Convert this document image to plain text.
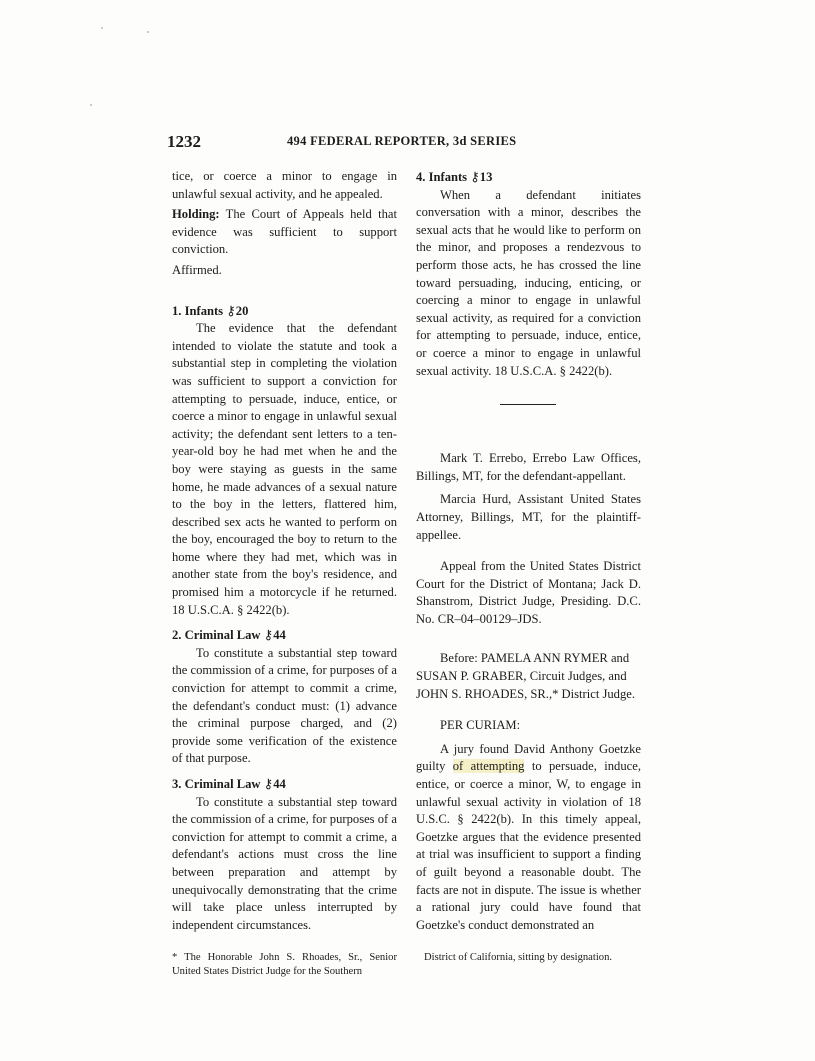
1232	494 FEDERAL REPORTER, 3d SERIES

tice, or coerce a minor to engage in unlawful sexual activity, and he appealed.

Holding: The Court of Appeals held that evidence was sufficient to support conviction.

Affirmed.

1. Infants ⚷20

The evidence that the defendant intended to violate the statute and took a substantial step in completing the violation was sufficient to support a conviction for attempting to persuade, induce, entice, or coerce a minor to engage in unlawful sexual activity; the defendant sent letters to a ten-year-old boy he had met when he and the boy were staying as guests in the same home, he made advances of a sexual nature to the boy in the letters, flattered him, described sex acts he wanted to perform on the boy, encouraged the boy to return to the home where they had met, which was in another state from the boy's residence, and promised him a motorcycle if he returned. 18 U.S.C.A. § 2422(b).

2. Criminal Law ⚷44

To constitute a substantial step toward the commission of a crime, for purposes of a conviction for attempt to commit a crime, the defendant's conduct must: (1) advance the criminal purpose charged, and (2) provide some verification of the existence of that purpose.

3. Criminal Law ⚷44

To constitute a substantial step toward the commission of a crime, for purposes of a conviction for attempt to commit a crime, a defendant's actions must cross the line between preparation and attempt by unequivocally demonstrating that the crime will take place unless interrupted by independent circumstances.

* The Honorable John S. Rhoades, Sr., Senior United States District Judge for the Southern

4. Infants ⚷13

When a defendant initiates conversation with a minor, describes the sexual acts that he would like to perform on the minor, and proposes a rendezvous to perform those acts, he has crossed the line toward persuading, inducing, enticing, or coercing a minor to engage in unlawful sexual activity, as required for a conviction for attempting to persuade, induce, entice, or coerce a minor to engage in unlawful sexual activity. 18 U.S.C.A. § 2422(b).

Mark T. Errebo, Errebo Law Offices, Billings, MT, for the defendant-appellant.

Marcia Hurd, Assistant United States Attorney, Billings, MT, for the plaintiff-appellee.

Appeal from the United States District Court for the District of Montana; Jack D. Shanstrom, District Judge, Presiding. D.C. No. CR–04–00129–JDS.

Before: PAMELA ANN RYMER and SUSAN P. GRABER, Circuit Judges, and JOHN S. RHOADES, SR.,* District Judge.

PER CURIAM:

A jury found David Anthony Goetzke guilty of attempting to persuade, induce, entice, or coerce a minor, W, to engage in unlawful sexual activity in violation of 18 U.S.C. § 2422(b). In this timely appeal, Goetzke argues that the evidence presented at trial was insufficient to support a finding of guilt beyond a reasonable doubt. The facts are not in dispute. The issue is whether a rational jury could have found that Goetzke's conduct demonstrated an

District of California, sitting by designation.
